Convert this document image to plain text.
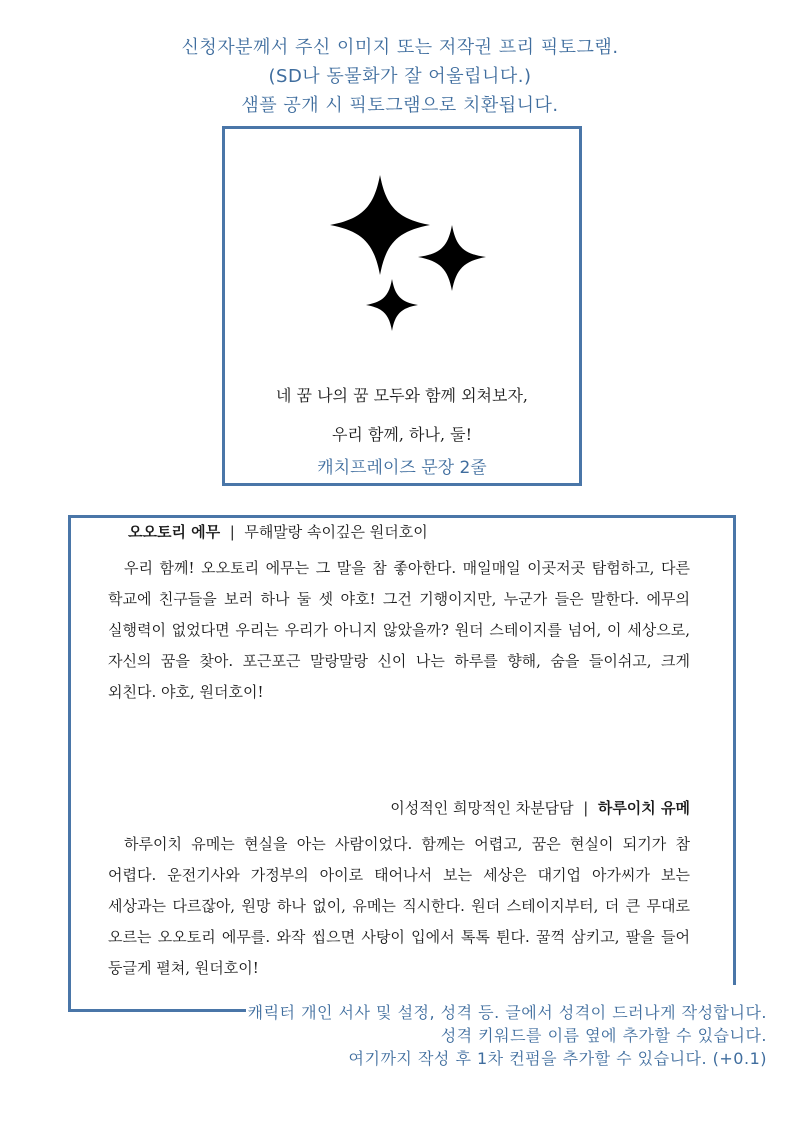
신청자분께서 주신 이미지 또는 저작권 프리 픽토그램.
(SD나 동물화가 잘 어울립니다.)
샘플 공개 시 픽토그램으로 치환됩니다.
네 꿈 나의 꿈 모두와 함께 외쳐보자,
우리 함께, 하나, 둘!
캐치프레이즈 문장 2줄
오오토리 에무 | 무해말랑 속이깊은 원더호이
우리 함께! 오오토리 에무는 그 말을 참 좋아한다. 매일매일 이곳저곳 탐험하고, 다른 학교에 친구들을 보러 하나 둘 셋 야호! 그건 기행이지만, 누군가 들은 말한다. 에무의 실행력이 없었다면 우리는 우리가 아니지 않았을까? 원더 스테이지를 넘어, 이 세상으로, 자신의 꿈을 찾아. 포근포근 말랑말랑 신이 나는 하루를 향해, 숨을 들이쉬고, 크게 외친다. 야호, 원더호이!
이성적인 희망적인 차분담담 | 하루이치 유메
하루이치 유메는 현실을 아는 사람이었다. 함께는 어렵고, 꿈은 현실이 되기가 참 어렵다. 운전기사와 가정부의 아이로 태어나서 보는 세상은 대기업 아가씨가 보는 세상과는 다르잖아, 원망 하나 없이, 유메는 직시한다. 원더 스테이지부터, 더 큰 무대로 오르는 오오토리 에무를. 와작 씹으면 사탕이 입에서 톡톡 튄다. 꿀꺽 삼키고, 팔을 들어 둥글게 펼쳐, 원더호이!
캐릭터 개인 서사 및 설정, 성격 등. 글에서 성격이 드러나게 작성합니다.
성격 키워드를 이름 옆에 추가할 수 있습니다.
여기까지 작성 후 1차 컨펌을 추가할 수 있습니다. (+0.1)
